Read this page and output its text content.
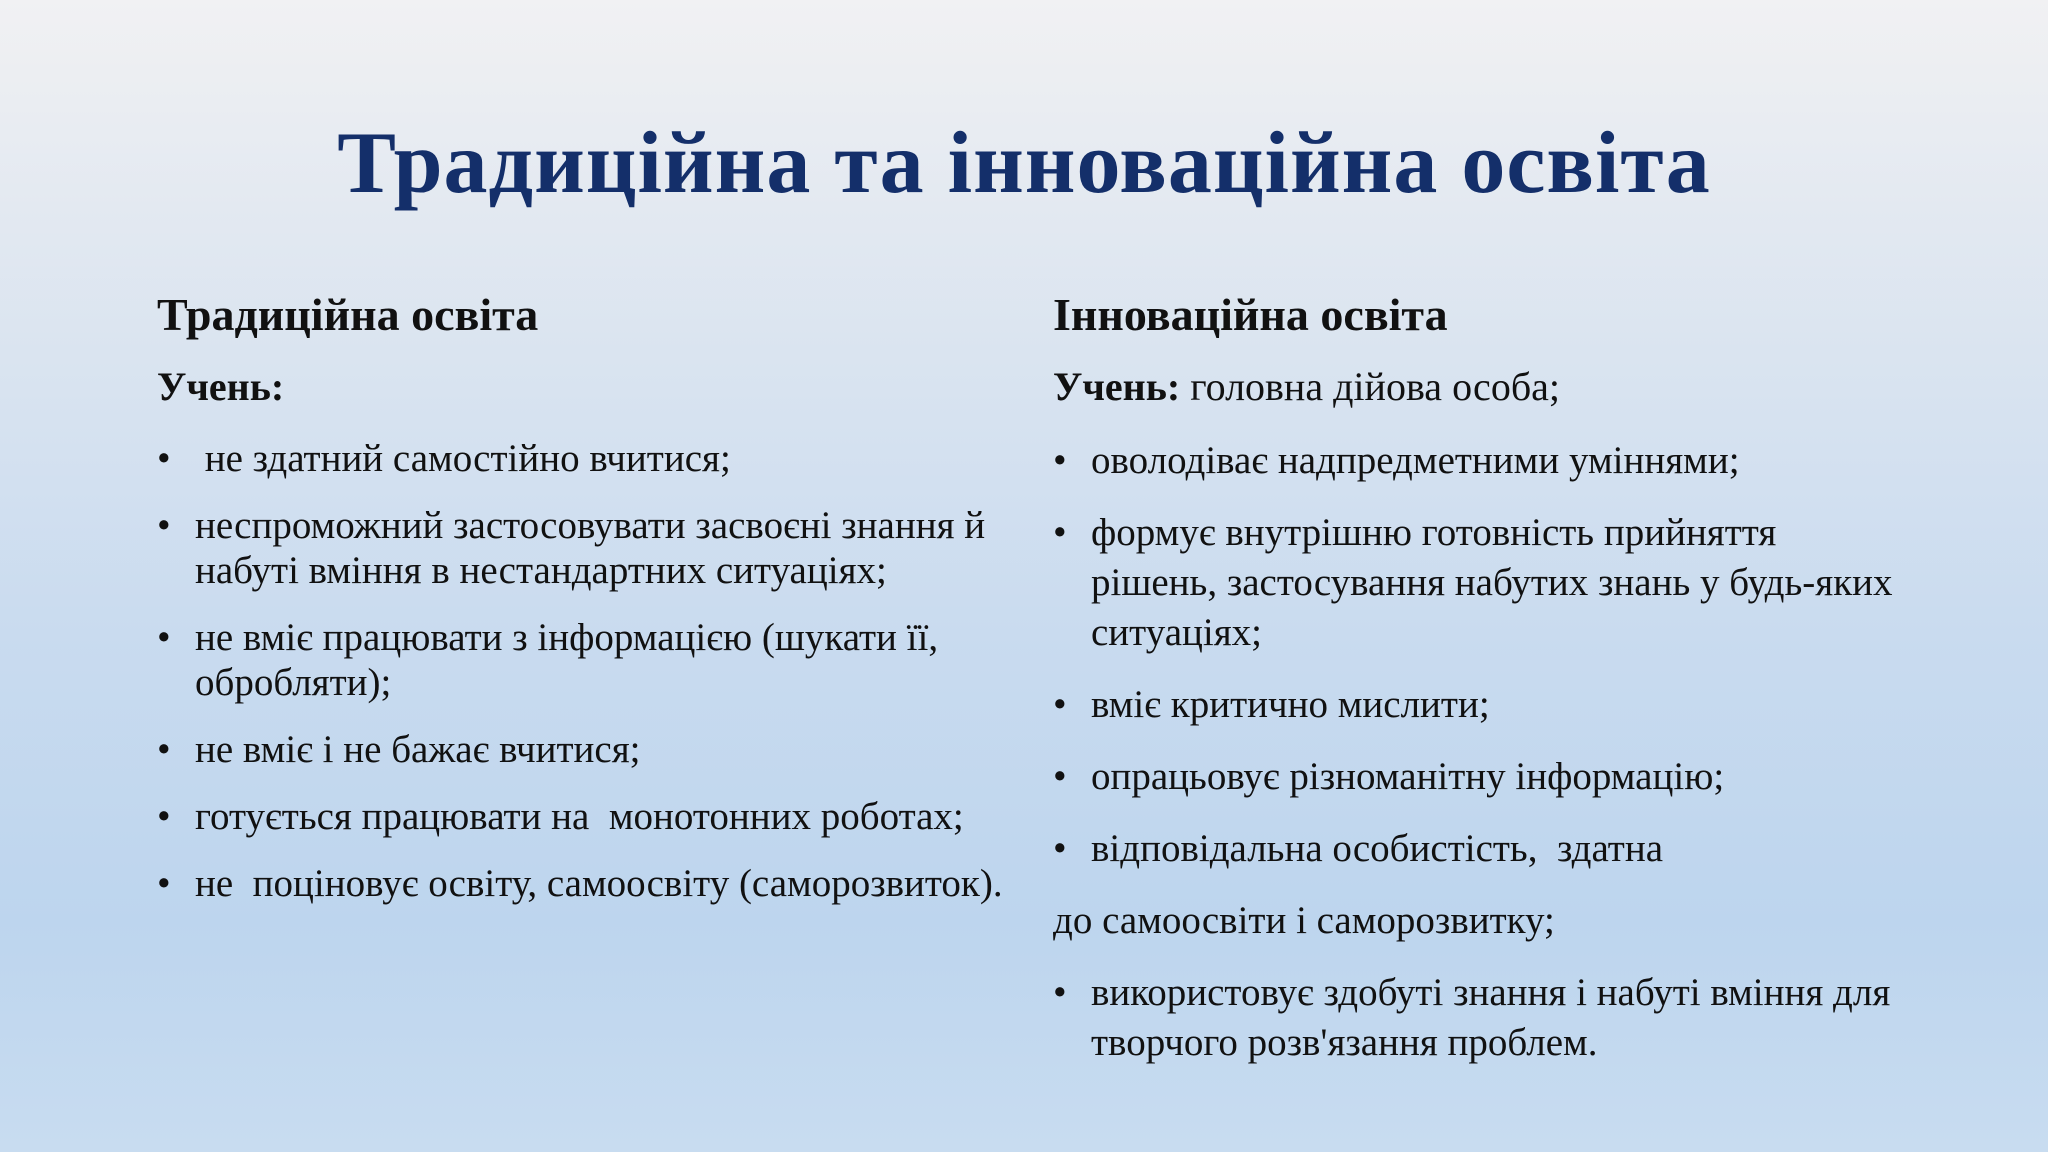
Традиційна та інноваційна освіта
Традиційна освіта
Учень:
• не здатний самостійно вчитися;
• неспроможний застосовувати засвоєні знання й набуті вміння в нестандартних ситуаціях;
• не вміє працювати з інформацією (шукати її, обробляти);
• не вміє і не бажає вчитися;
• готується працювати на  монотонних роботах;
• не  поціновує освіту, самоосвіту (саморозвиток).
Інноваційна освіта
Учень: головна дійова особа;
• оволодіває надпредметними уміннями;
• формує внутрішню готовність прийняття рішень, застосування набутих знань у будь-яких ситуаціях;
• вміє критично мислити;
• опрацьовує різноманітну інформацію;
• відповідальна особистість,  здатна
до самоосвіти і саморозвитку;
• використовує здобуті знання і набуті вміння для творчого розв'язання проблем.
